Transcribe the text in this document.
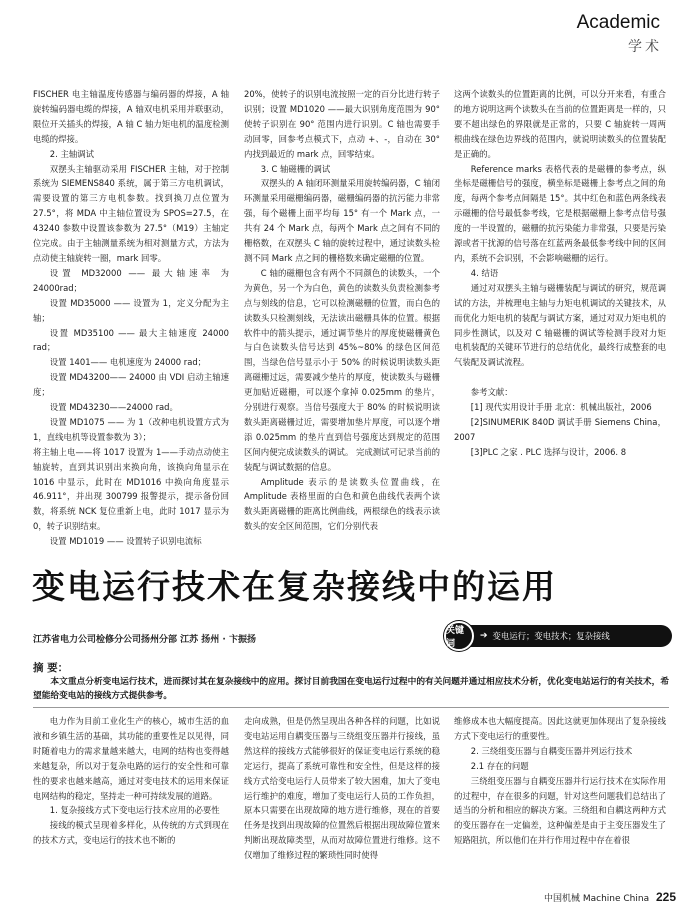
Academic
学术

FISCHER 电主轴温度传感器与编码器的焊接，A 轴旋转编码器电缆的焊接，A 轴双电机采用并联驱动，限位开关插头的焊接，A 轴 C 轴力矩电机的温度检测电缆的焊接。

2. 主轴调试

双摆头主轴驱动采用 FISCHER 主轴，对于控制系统为 SIEMENS840 系统，属于第三方电机调试，需要设置的第三方电机参数。找到换刀点位置为 27.5°，将 MDA 中主轴位置设为 SPOS=27.5，在 43240 参数中设置该参数为 27.5°（M19）主轴定位完成。由于主轴测量系统为相对测量方式，方法为点动使主轴旋转一圈，mark 回零。

设置 MD32000 —— 最大轴速率 为 24000rad；

设置 MD35000 —— 设置为 1，定义分配为主轴；

设置 MD35100 —— 最大主轴速度 24000 rad；

设置 1401—— 电机速度为 24000 rad；

设置 MD43200—— 24000 由 VDI 启动主轴速度；

设置 MD43230——24000 rad。

设置 MD1075 —— 为 1（改种电机设置方式为 1，直线电机等设置参数为 3）；

将主轴上电——将 1017 设置为 1——手动点动使主轴旋转，直到其识别出来换向角，该换向角显示在 1016 中显示，此时在 MD1016 中换向角度显示 46.911°，并出现 300799 报警提示，提示备份回数，将系统 NCK 复位重新上电，此时 1017 显示为 0，转子识别结束。

设置 MD1019 —— 设置转子识别电流标

20%，使转子的识别电流按照一定的百分比进行转子识别；设置 MD1020 ——最大识别角度范围为 90° 使转子识别在 90° 范围内进行识别。C 轴也需要手动回零，回参考点模式下，点动 +、-，自动在 30° 内找到最近的 mark 点，回零结束。

3. C 轴磁栅的调试

双摆头的 A 轴闭环测量采用旋转编码器，C 轴闭环测量采用磁栅编码器，磁栅编码器的抗污能力非常强，每个磁栅上面平均每 15° 有一个 Mark 点，一共有 24 个 Mark 点，每两个 Mark 点之间有不同的栅格数，在双摆头 C 轴的旋转过程中，通过读数头检测不同 Mark 点之间的栅格数来确定磁栅的位置。

C 轴的磁栅包含有两个不同颜色的读数头，一个为黄色，另一个为白色，黄色的读数头负责检测参考点与刻线的信息，它可以检测磁栅的位置，而白色的读数头只检测刻线，无法读出磁栅具体的位置。根据软件中的箭头提示，通过调节垫片的厚度使磁栅黄色与白色读数头信号达到 45%~80% 的绿色区间范围，当绿色信号显示小于 50% 的时候说明读数头距离磁栅过远，需要减少垫片的厚度，使读数头与磁栅更加贴近磁栅，可以逐个拿掉 0.025mm 的垫片，分别进行观察。当信号强度大于 80% 的时候说明读数头距离磁栅过近，需要增加垫片厚度，可以逐个增添 0.025mm 的垫片直到信号强度达到规定的范围区间内便完成读数头的调试。 完成测试可记录当前的装配与调试数据的信息。

Amplitude 表示的是读数头位置曲线，在 Amplitude 表格里面的白色和黄色曲线代表两个读数头距离磁栅的距离比例曲线，两根绿色的线表示读数头的安全区间范围，它们分别代表

这两个读数头的位置距离的比例，可以分开来看，有重合的地方说明这两个读数头在当前的位置距离是一样的，只要不超出绿色的界限就是正常的，只要 C 轴旋转一周两根曲线在绿色边界线的范围内，就说明读数头的位置装配是正确的。

Reference marks 表格代表的是磁栅的参考点，纵坐标是磁栅信号的强度，横坐标是磁栅上参考点之间的角度，每两个参考点间隔是 15°。其中红色和蓝色两条线表示磁栅的信号最低参考线，它是根据磁栅上参考点信号强度的一半设置的，磁栅的抗污染能力非常强，只要是污染源或者干扰源的信号落在红蓝两条最低参考线中间的区间内，系统不会识别，不会影响磁栅的运行。

4. 结语

通过对双摆头主轴与磁栅装配与调试的研究，规范调试的方法，并梳理电主轴与力矩电机调试的关键技术，从而优化力矩电机的装配与调试方案，通过对双力矩电机的同步性测试，以及对 C 轴磁栅的调试等检测手段对力矩电机装配的关键环节进行的总结优化，最终行成整套的电气装配及调试流程。

参考文献：

[1] 现代实用设计手册 北京：机械出版社，2006

[2]SINUMERIK 840D 调试手册 Siemens China，2007

[3]PLC 之家 . PLC 选择与设计，2006. 8

变电运行技术在复杂接线中的运用
江苏省电力公司检修分公司扬州分部 江苏 扬州 · 卞振扬
关键词
➔ 变电运行；变电技术；复杂接线
摘 要：
本文重点分析变电运行技术，进而探讨其在复杂接线中的应用。探讨目前我国在变电运行过程中的有关问题并通过相应技术分析，优化变电站运行的有关技术，希望能给变电站的接线方式提供参考。

电力作为目前工业化生产的核心，城市生活的血液和乡镇生活的基础，其功能的重要性足以见得，同时随着电力的需求量越来越大，电网的结构也变得越来越复杂，所以对于复杂电路的运行的安全性和可靠性的要求也越来越高，通过对变电技术的运用来保证电网结构的稳定，坚持走一种可持续发展的道路。

1. 复杂接线方式下变电运行技术应用的必要性

接线的模式呈现着多样化，从传统的方式到现在的技术方式，变电运行的技术也不断的

走向成熟，但是仍然呈现出各种各样的问题，比如说变电站运用自耦变压器与三绕组变压器并行接线，虽然这样的接线方式能够很好的保证变电运行系统的稳定运行，提高了系统可靠性和安全性，但是这样的接线方式给变电运行人员带来了较大困难，加大了变电运行维护的难度，增加了变电运行人员的工作负担，原本只需要在出现故障的地方进行维修，现在的首要任务是找到出现故障的位置然后根据出现故障位置来判断出现故障类型，从而对故障位置进行维修。这不仅增加了维修过程的繁琐性同时使得

维修成本也大幅度提高。因此这就更加体现出了复杂接线方式下变电运行的重要性。

2. 三绕组变压器与自耦变压器并列运行技术

2.1 存在的问题

三绕组变压器与自耦变压器并行运行技术在实际作用的过程中，存在很多的问题，针对这些问题我们总结出了适当的分析和相应的解决方案。三绕组和自耦这两种方式的变压器存在一定偏差，这种偏差是由于主变压器发生了短路阻抗，所以他们在并行作用过程中存在着很

中国机械 Machine China 225
